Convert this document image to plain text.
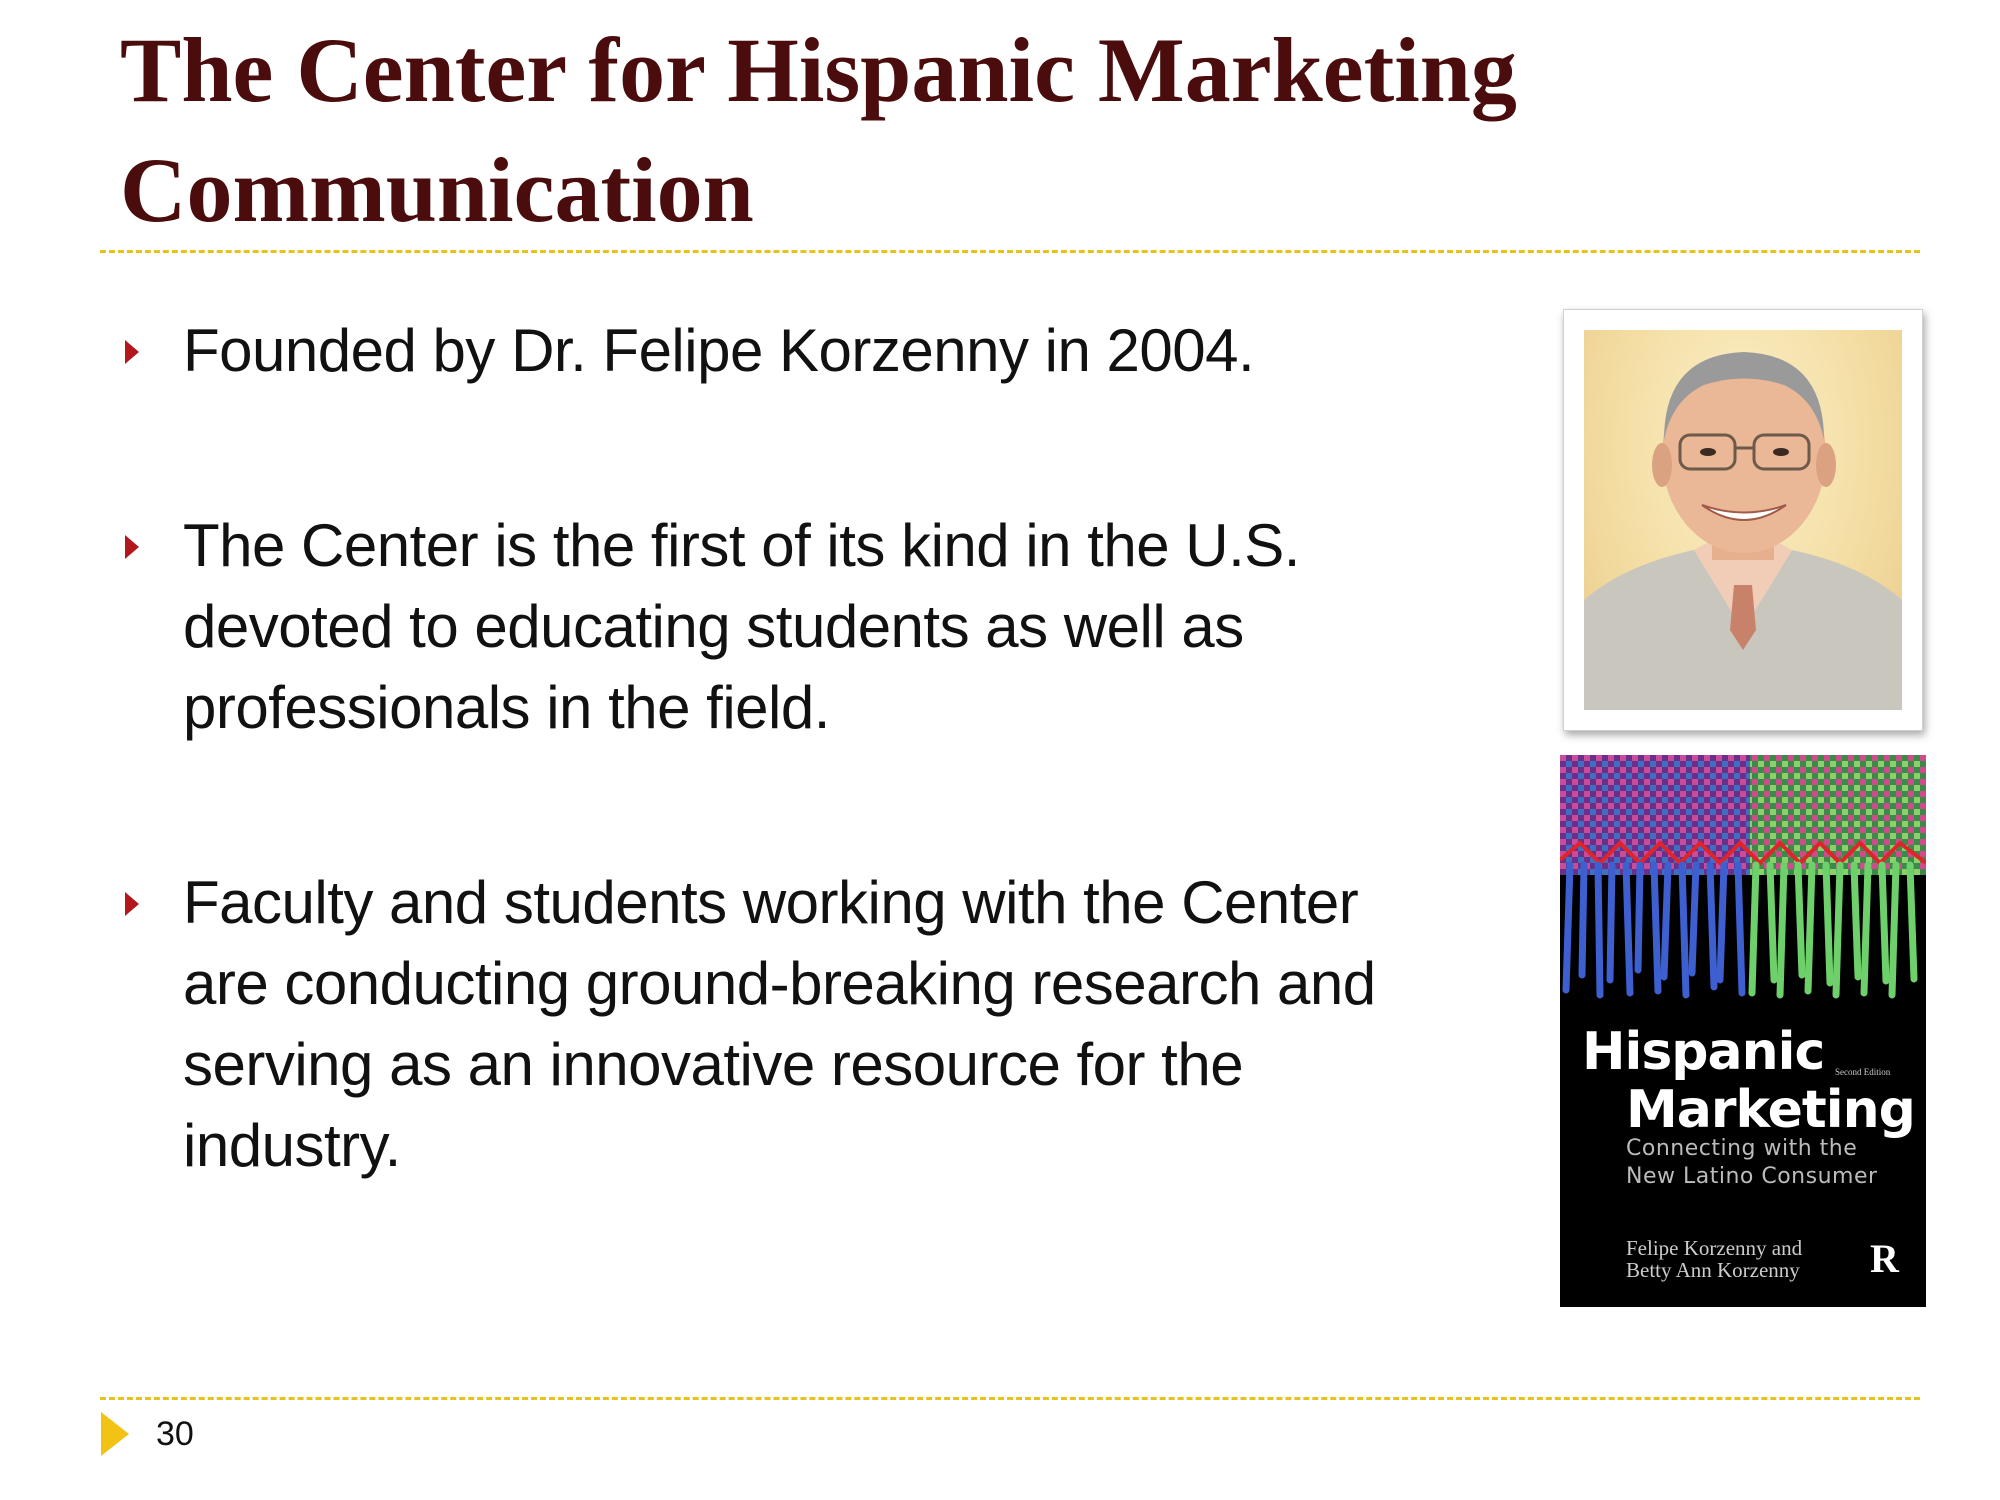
The Center for Hispanic Marketing Communication
Founded by Dr. Felipe Korzenny in 2004.
The Center is the first of its kind in the U.S. devoted to educating students as well as professionals in the field.
Faculty and students working with the Center are conducting ground-breaking research and serving as an innovative resource for the industry.
Hispanic Second Edition
Marketing
Connecting with the
New Latino Consumer
Felipe Korzenny and
Betty Ann Korzenny R
30
